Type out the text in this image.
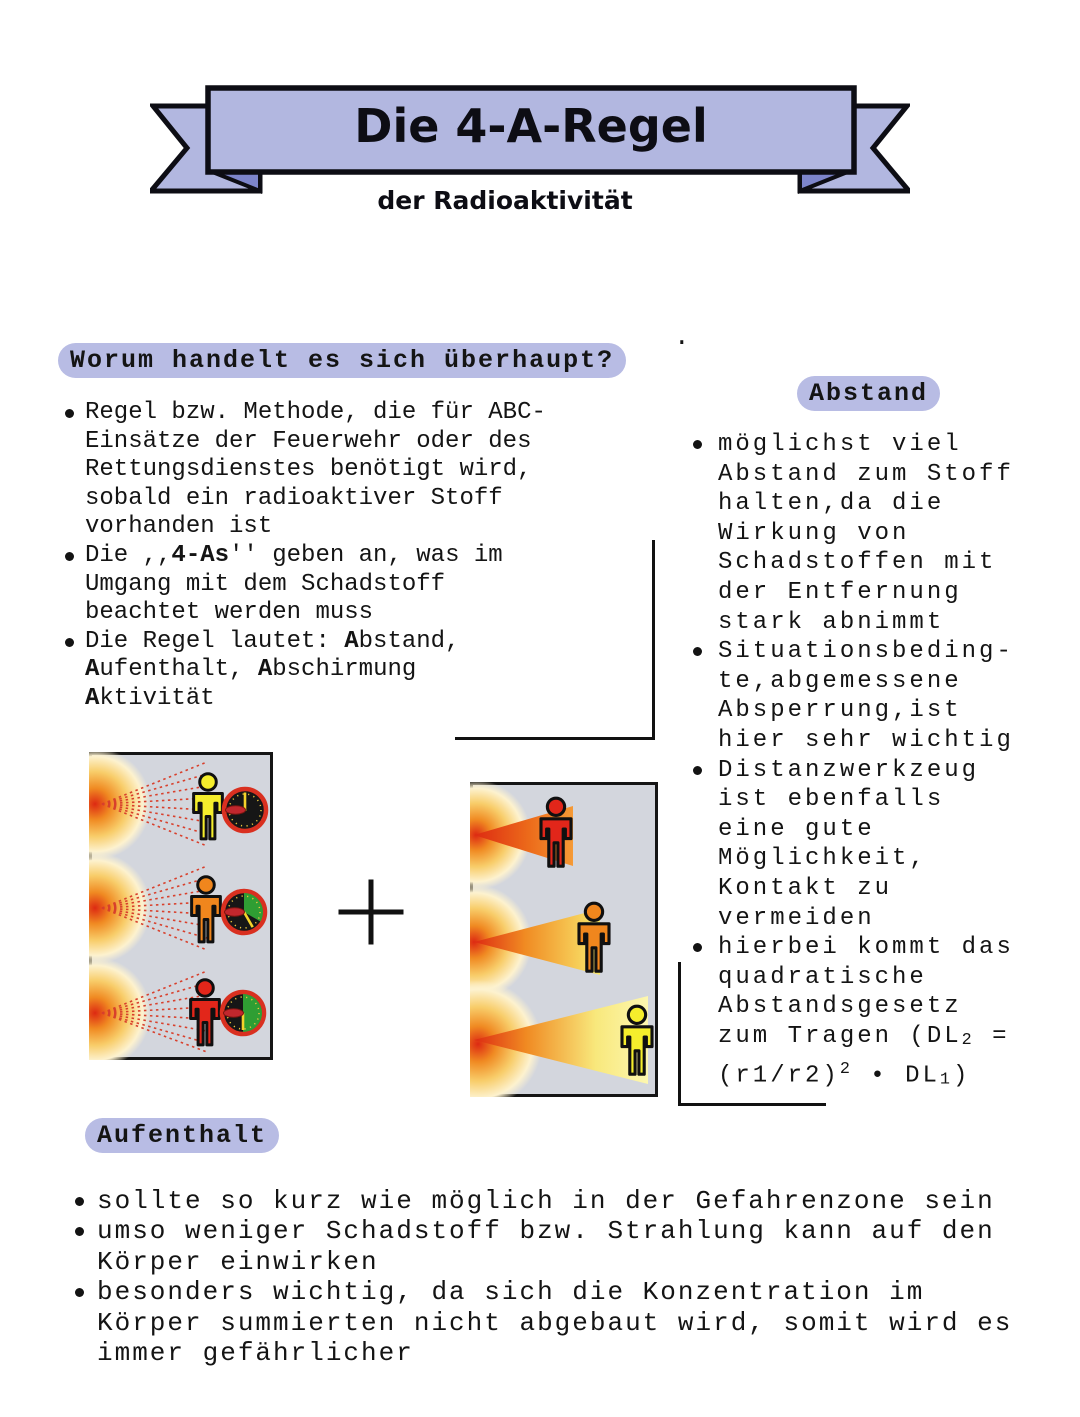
Die 4-A-Regel
der Radioaktivität
.
Worum handelt es sich überhaupt?
Regel bzw. Methode, die für ABC-
Einsätze der Feuerwehr oder des
Rettungsdienstes benötigt wird,
sobald ein radioaktiver Stoff
vorhanden ist
Die ,,4-As'' geben an, was im
Umgang mit dem Schadstoff
beachtet werden muss
Die Regel lautet: Abstand,
Aufenthalt, Abschirmung
Aktivität
Abstand
möglichst viel
Abstand zum Stoff
halten,da die
Wirkung von
Schadstoffen mit
der Entfernung
stark abnimmt
Situationsbeding-
te,abgemessene
Absperrung,ist
hier sehr wichtig
Distanzwerkzeug
ist ebenfalls
eine gute
Möglichkeit,
Kontakt zu
vermeiden
hierbei kommt das
quadratische
Abstandsgesetz
zum Tragen (DL2 =
$(r1/r2)^2$ • DL1)
Aufenthalt
sollte so kurz wie möglich in der Gefahrenzone sein
umso weniger Schadstoff bzw. Strahlung kann auf den
Körper einwirken
besonders wichtig, da sich die Konzentration im
Körper summierten nicht abgebaut wird, somit wird es
immer gefährlicher
